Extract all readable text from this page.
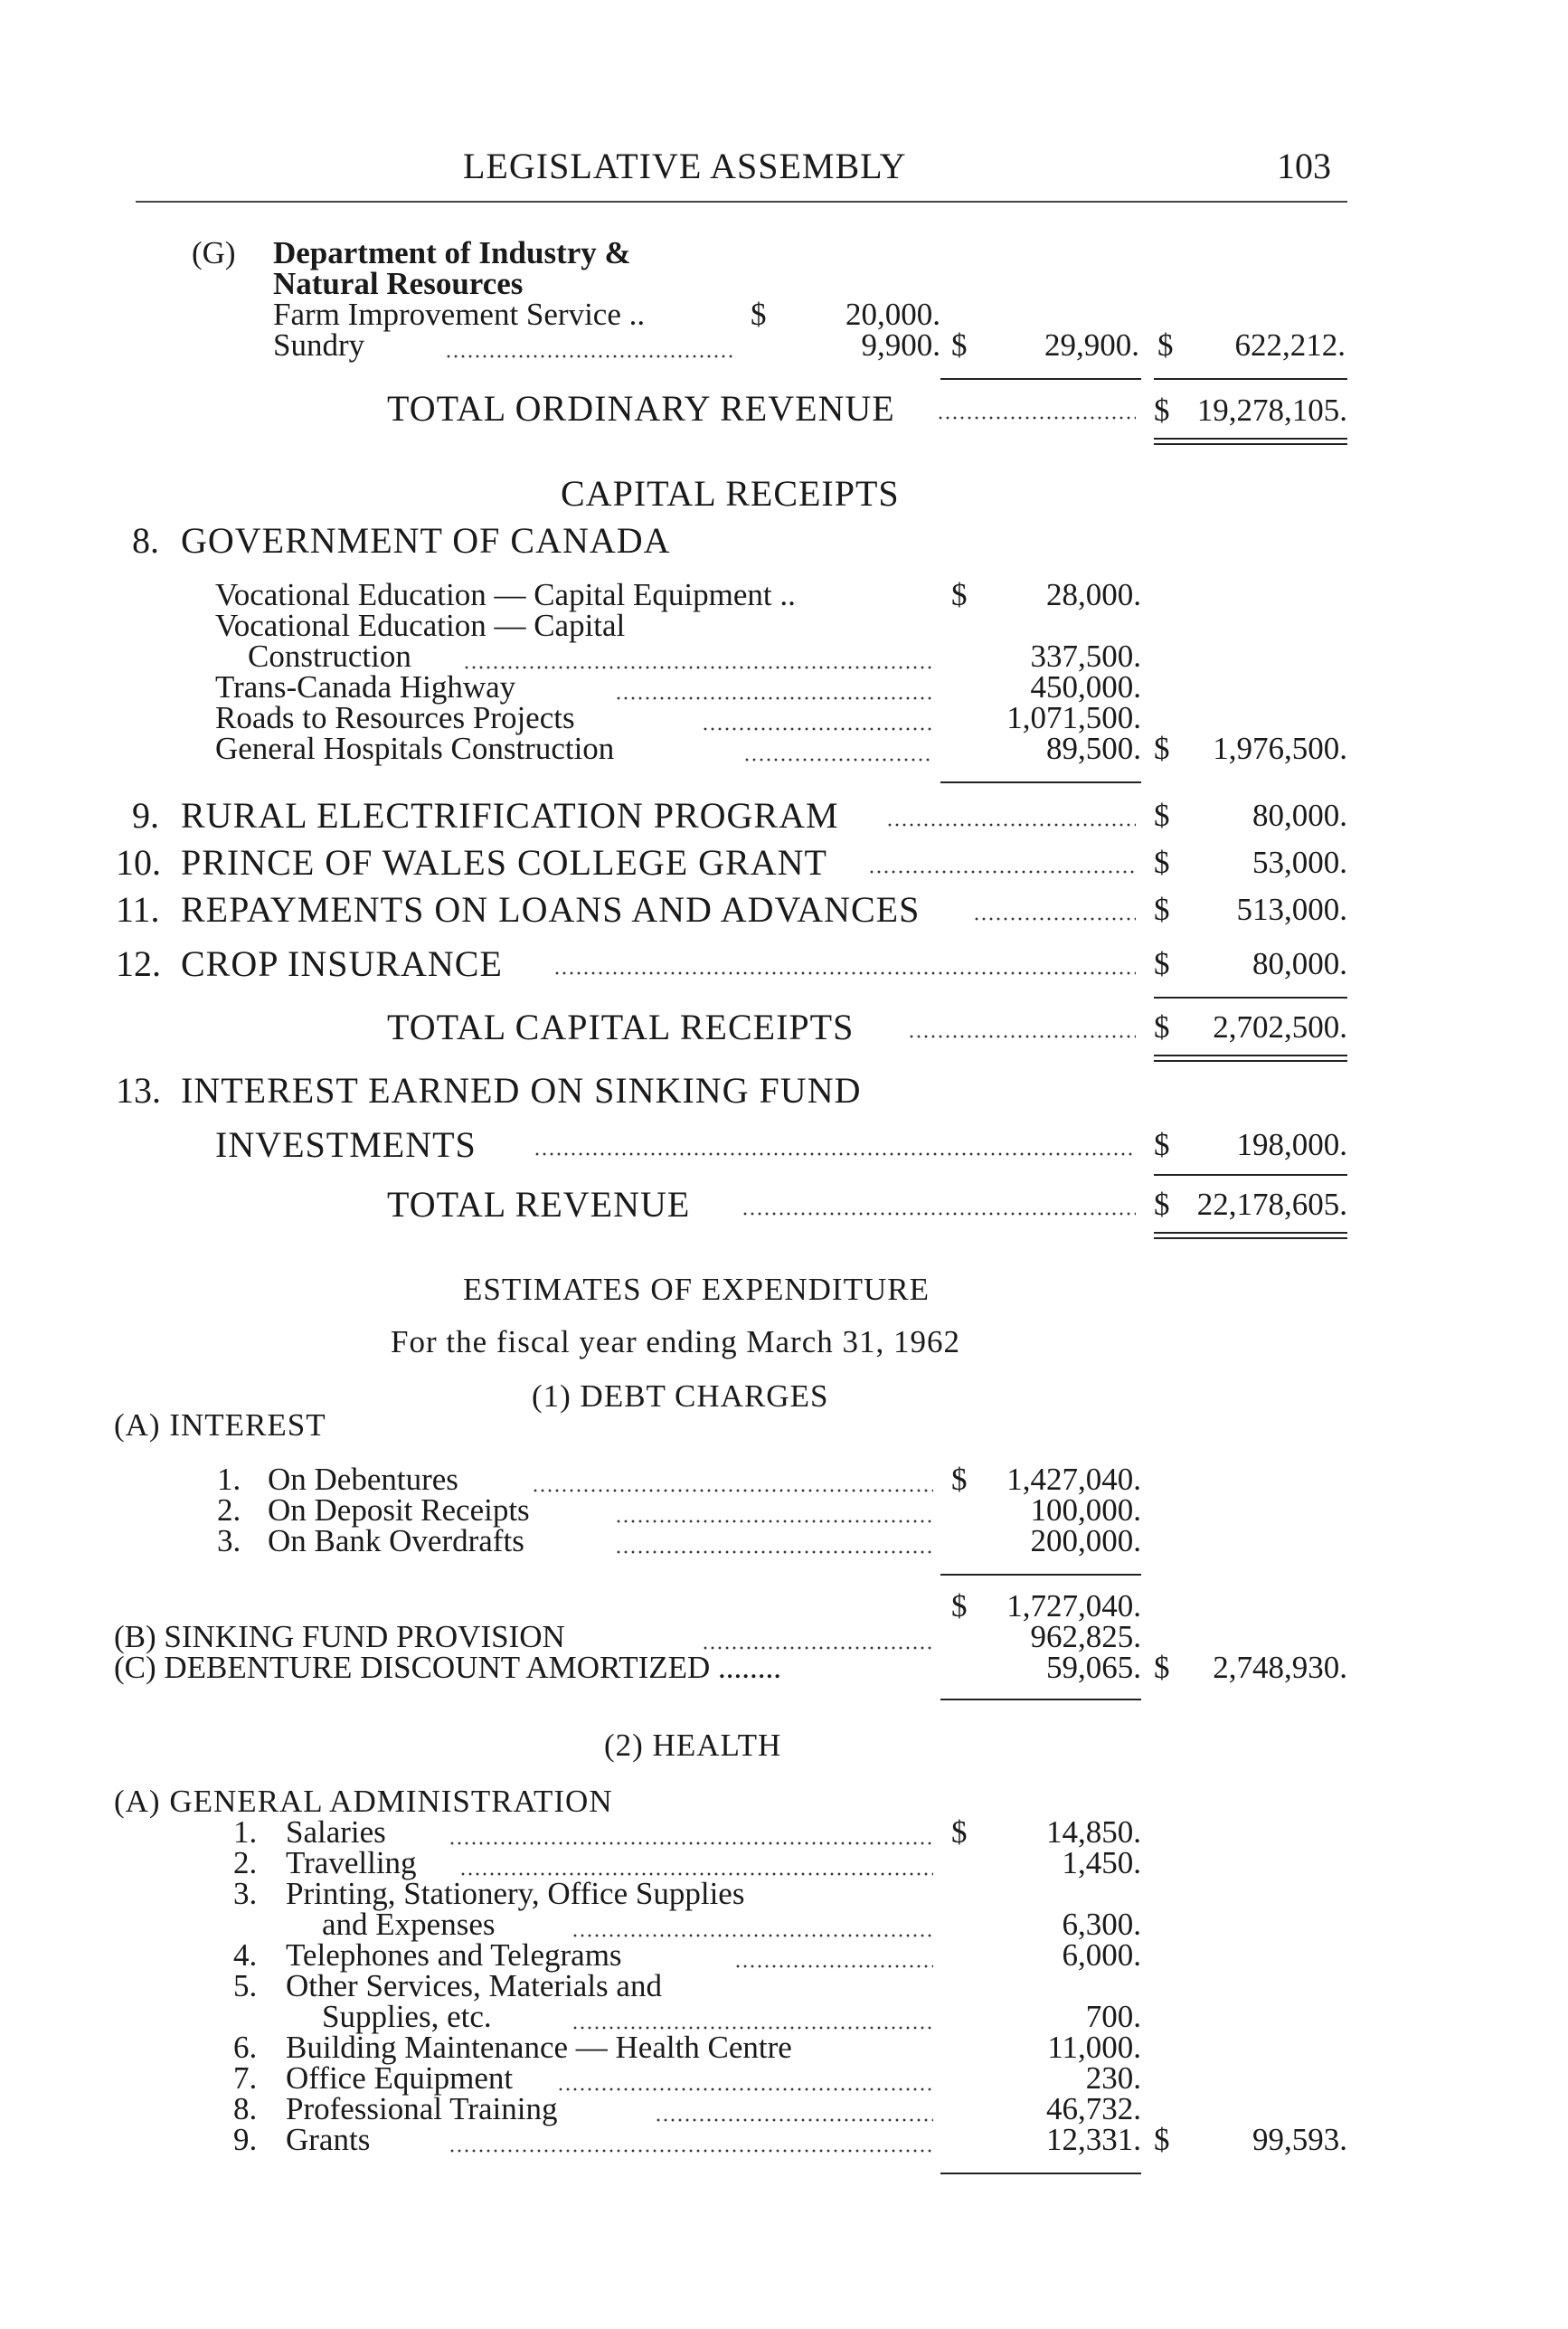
LEGISLATIVE ASSEMBLY	103
(G) Department of Industry &
Natural Resources
Farm Improvement Service ..	$	20,000.
Sundry	9,900. $	29,900. $	622,212.
TOTAL ORDINARY REVENUE	$ 19,278,105.
CAPITAL RECEIPTS
8. GOVERNMENT OF CANADA
Vocational Education — Capital Equipment ..	$	28,000.
Vocational Education — Capital
Construction	337,500.
Trans-Canada Highway	450,000.
Roads to Resources Projects	1,071,500.
General Hospitals Construction	89,500. $	1,976,500.
9. RURAL ELECTRIFICATION PROGRAM	$	80,000.
10. PRINCE OF WALES COLLEGE GRANT	$	53,000.
11. REPAYMENTS ON LOANS AND ADVANCES	$	513,000.
12. CROP INSURANCE	$	80,000.
TOTAL CAPITAL RECEIPTS	$	2,702,500.
13. INTEREST EARNED ON SINKING FUND
INVESTMENTS	$	198,000.
TOTAL REVENUE	$ 22,178,605.
ESTIMATES OF EXPENDITURE
For the fiscal year ending March 31, 1962
(1) DEBT CHARGES
(A) INTEREST
1. On Debentures	$	1,427,040.
2. On Deposit Receipts	100,000.
3. On Bank Overdrafts	200,000.
$	1,727,040.
(B) SINKING FUND PROVISION	962,825.
(C) DEBENTURE DISCOUNT AMORTIZED ........	59,065. $	2,748,930.
(2) HEALTH
(A) GENERAL ADMINISTRATION
1. Salaries	$	14,850.
2. Travelling	1,450.
3. Printing, Stationery, Office Supplies
and Expenses	6,300.
4. Telephones and Telegrams	6,000.
5. Other Services, Materials and
Supplies, etc.	700.
6. Building Maintenance — Health Centre	11,000.
7. Office Equipment	230.
8. Professional Training	46,732.
9. Grants	12,331. $	99,593.
